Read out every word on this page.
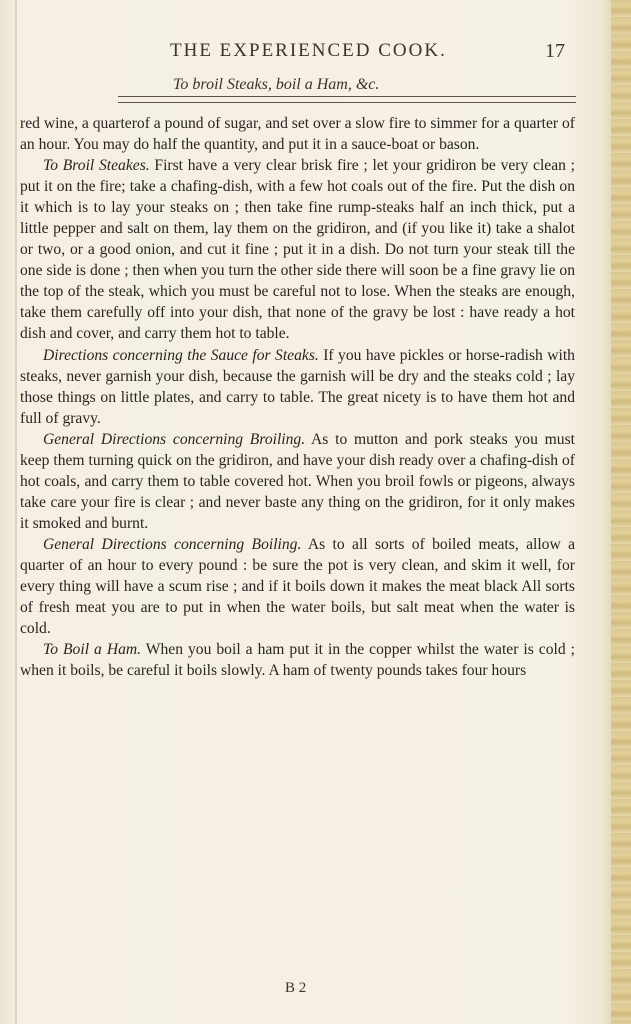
THE EXPERIENCED COOK.	17
To broil Steaks, boil a Ham, &c.

red wine, a quarterof a pound of sugar, and set over a slow fire to simmer for a quarter of an hour. You may do half the quantity, and put it in a sauce-boat or bason.

To Broil Steakes. First have a very clear brisk fire ; let your gridiron be very clean ; put it on the fire; take a chafing-dish, with a few hot coals out of the fire. Put the dish on it which is to lay your steaks on ; then take fine rump-steaks half an inch thick, put a little pepper and salt on them, lay them on the gridiron, and (if you like it) take a shalot or two, or a good onion, and cut it fine ; put it in a dish. Do not turn your steak till the one side is done ; then when you turn the other side there will soon be a fine gravy lie on the top of the steak, which you must be careful not to lose. When the steaks are enough, take them carefully off into your dish, that none of the gravy be lost : have ready a hot dish and cover, and carry them hot to table.

Directions concerning the Sauce for Steaks. If you have pickles or horse-radish with steaks, never garnish your dish, because the garnish will be dry and the steaks cold ; lay those things on little plates, and carry to table. The great nicety is to have them hot and full of gravy.

General Directions concerning Broiling. As to mutton and pork steaks you must keep them turning quick on the gridiron, and have your dish ready over a chafing-dish of hot coals, and carry them to table covered hot. When you broil fowls or pigeons, always take care your fire is clear ; and never baste any thing on the gridiron, for it only makes it smoked and burnt.

General Directions concerning Boiling. As to all sorts of boiled meats, allow a quarter of an hour to every pound : be sure the pot is very clean, and skim it well, for every thing will have a scum rise ; and if it boils down it makes the meat black All sorts of fresh meat you are to put in when the water boils, but salt meat when the water is cold.

To Boil a Ham. When you boil a ham put it in the copper whilst the water is cold ; when it boils, be careful it boils slowly. A ham of twenty pounds takes four hours

B 2
